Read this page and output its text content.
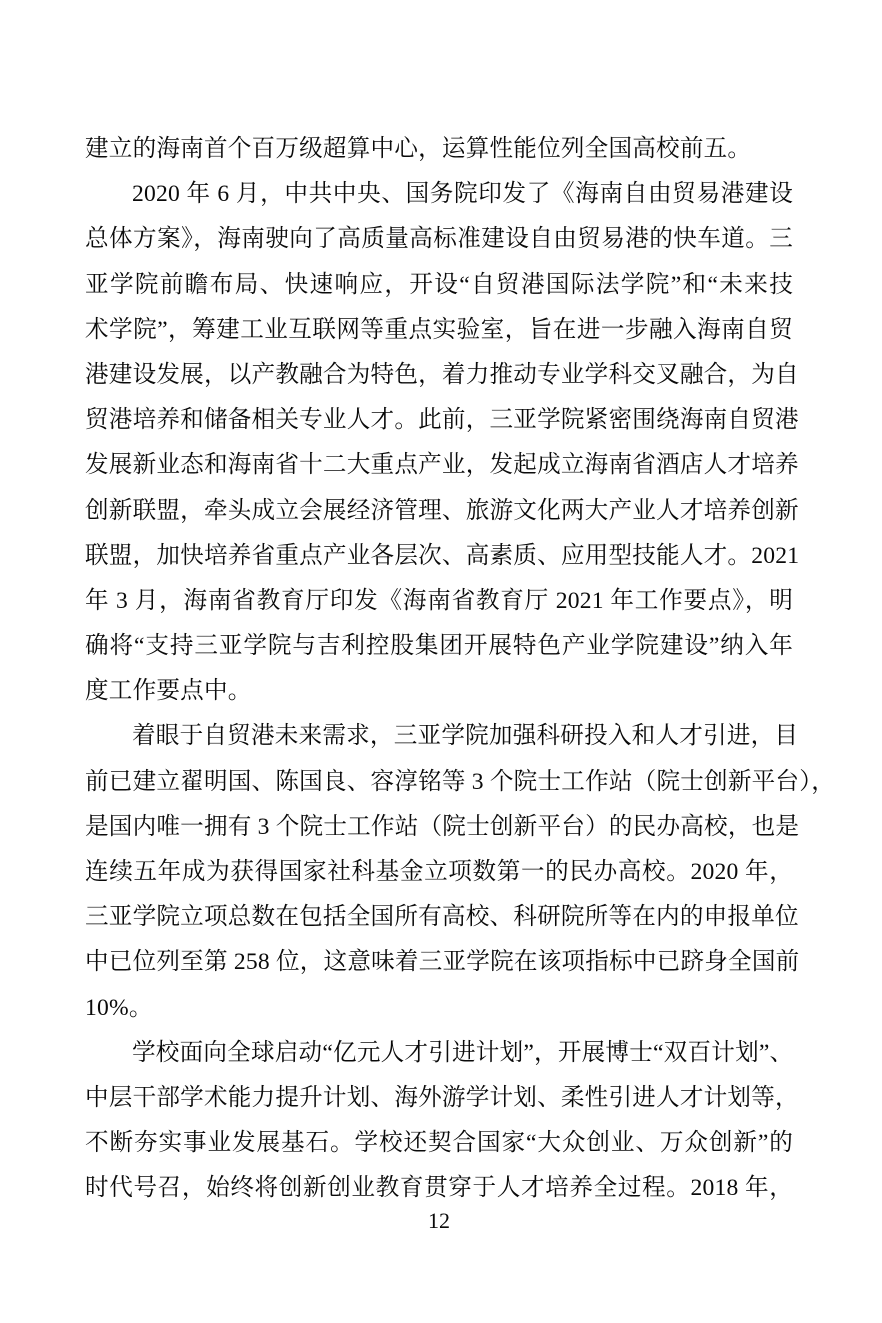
建立的海南首个百万级超算中心，运算性能位列全国高校前五。
2020 年 6 月，中共中央、国务院印发了《海南自由贸易港建设
总体方案》，海南驶向了高质量高标准建设自由贸易港的快车道。三
亚学院前瞻布局、快速响应，开设“自贸港国际法学院”和“未来技
术学院”，筹建工业互联网等重点实验室，旨在进一步融入海南自贸
港建设发展，以产教融合为特色，着力推动专业学科交叉融合，为自
贸港培养和储备相关专业人才。此前，三亚学院紧密围绕海南自贸港
发展新业态和海南省十二大重点产业，发起成立海南省酒店人才培养
创新联盟，牵头成立会展经济管理、旅游文化两大产业人才培养创新
联盟，加快培养省重点产业各层次、高素质、应用型技能人才。2021
年 3 月，海南省教育厅印发《海南省教育厅 2021 年工作要点》，明
确将“支持三亚学院与吉利控股集团开展特色产业学院建设”纳入年
度工作要点中。
着眼于自贸港未来需求，三亚学院加强科研投入和人才引进，目
前已建立翟明国、陈国良、容淳铭等 3 个院士工作站（院士创新平台），
是国内唯一拥有 3 个院士工作站（院士创新平台）的民办高校，也是
连续五年成为获得国家社科基金立项数第一的民办高校。2020 年，
三亚学院立项总数在包括全国所有高校、科研院所等在内的申报单位
中已位列至第 258 位，这意味着三亚学院在该项指标中已跻身全国前
10%。
学校面向全球启动“亿元人才引进计划”，开展博士“双百计划”、
中层干部学术能力提升计划、海外游学计划、柔性引进人才计划等，
不断夯实事业发展基石。学校还契合国家“大众创业、万众创新”的
时代号召，始终将创新创业教育贯穿于人才培养全过程。2018 年，
12
